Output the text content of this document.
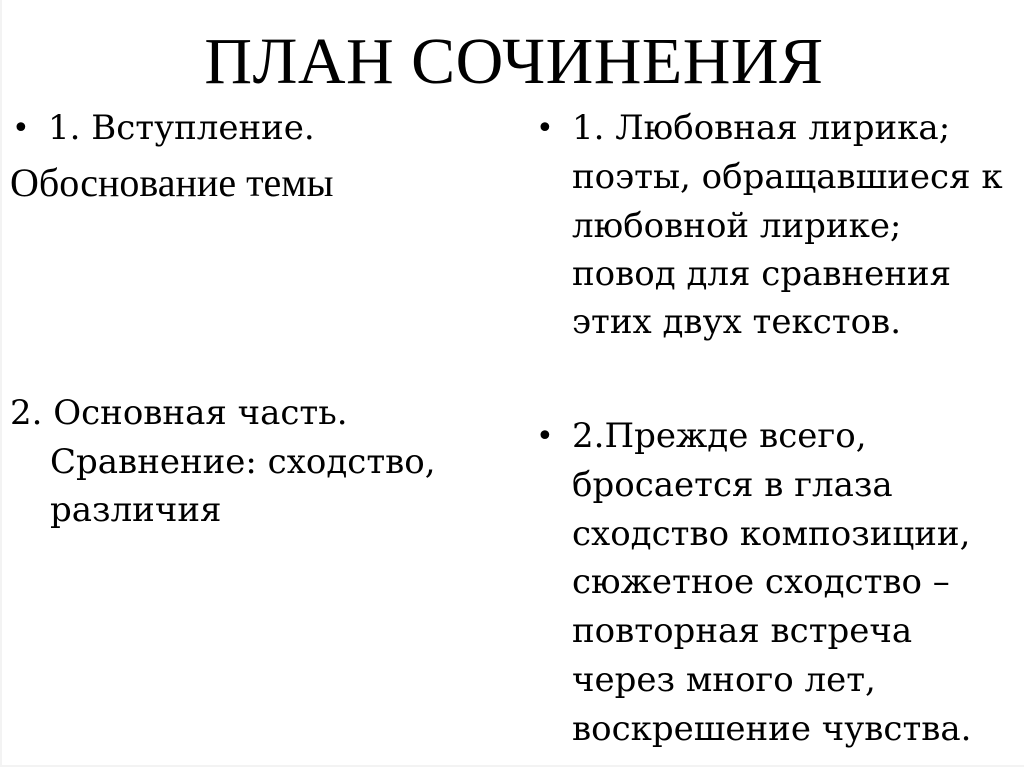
ПЛАН СОЧИНЕНИЯ
• 1. Вступление.
Обоснование темы
2. Основная часть.
Сравнение: сходство,
различия
• 1. Любовная лирика;
поэты, обращавшиеся к
любовной лирике;
повод для сравнения
этих двух текстов.
• 2.Прежде всего,
бросается в глаза
сходство композиции,
сюжетное сходство –
повторная встреча
через много лет,
воскрешение чувства.
